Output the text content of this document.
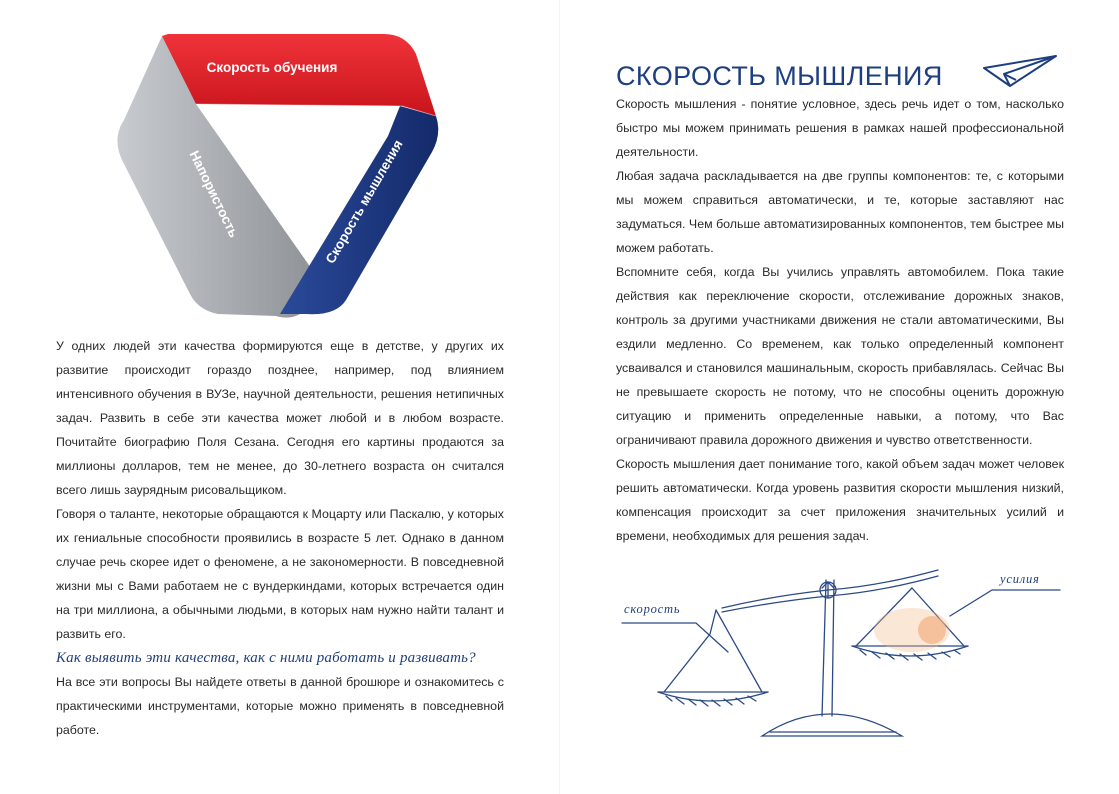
Скорость обучения
Скорость мышления
Напористость

У одних людей эти качества формируются еще в детстве, у других их развитие происходит гораздо позднее, например, под влиянием интенсивного обучения в ВУЗе, научной деятельности, решения нетипичных задач. Развить в себе эти качества может любой и в любом возрасте. Почитайте биографию Поля Сезана. Сегодня его картины продаются за миллионы долларов, тем не менее, до 30-летнего возраста он считался всего лишь заурядным рисовальщиком.

Говоря о таланте, некоторые обращаются к Моцарту или Паскалю, у которых их гениальные способности проявились в возрасте 5 лет. Однако в данном случае речь скорее идет о феномене, а не закономерности. В повседневной жизни мы с Вами работаем не с вундеркиндами, которых встречается один на три миллиона, а обычными людьми, в которых нам нужно найти талант и развить его.

Как выявить эти качества, как с ними работать и развивать?

На все эти вопросы Вы найдете ответы в данной брошюре и ознакомитесь с практическими инструментами, которые можно применять в повседневной работе.

СКОРОСТЬ МЫШЛЕНИЯ

Скорость мышления - понятие условное, здесь речь идет о том, насколько быстро мы можем принимать решения в рамках нашей профессиональной деятельности.

Любая задача раскладывается на две группы компонентов: те, с которыми мы можем справиться автоматически, и те, которые заставляют нас задуматься. Чем больше автоматизированных компонентов, тем быстрее мы можем работать.

Вспомните себя, когда Вы учились управлять автомобилем. Пока такие действия как переключение скорости, отслеживание дорожных знаков, контроль за другими участниками движения не стали автоматическими, Вы ездили медленно. Со временем, как только определенный компонент усваивался и становился машинальным, скорость прибавлялась. Сейчас Вы не превышаете скорость не потому, что не способны оценить дорожную ситуацию и применить определенные навыки, а потому, что Вас ограничивают правила дорожного движения и чувство ответственности.

Скорость мышления дает понимание того, какой объем задач может человек решить автоматически. Когда уровень развития скорости мышления низкий, компенсация происходит за счет приложения значительных усилий и времени, необходимых для решения задач.

скорость

усилия
